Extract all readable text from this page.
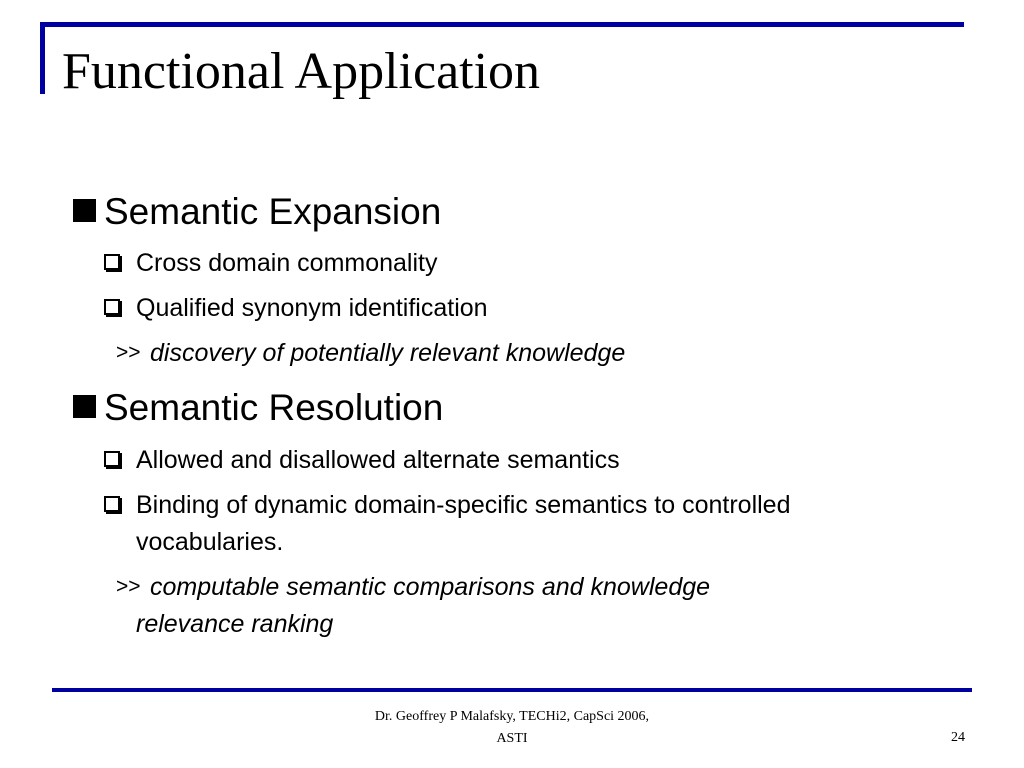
Functional Application
Semantic Expansion
Cross domain commonality
Qualified synonym identification
>> discovery of potentially relevant knowledge
Semantic Resolution
Allowed and disallowed alternate semantics
Binding of dynamic domain-specific semantics to controlled
vocabularies.
>> computable semantic comparisons and knowledge
relevance ranking
Dr. Geoffrey P Malafsky, TECHi2, CapSci 2006,
ASTI	24
